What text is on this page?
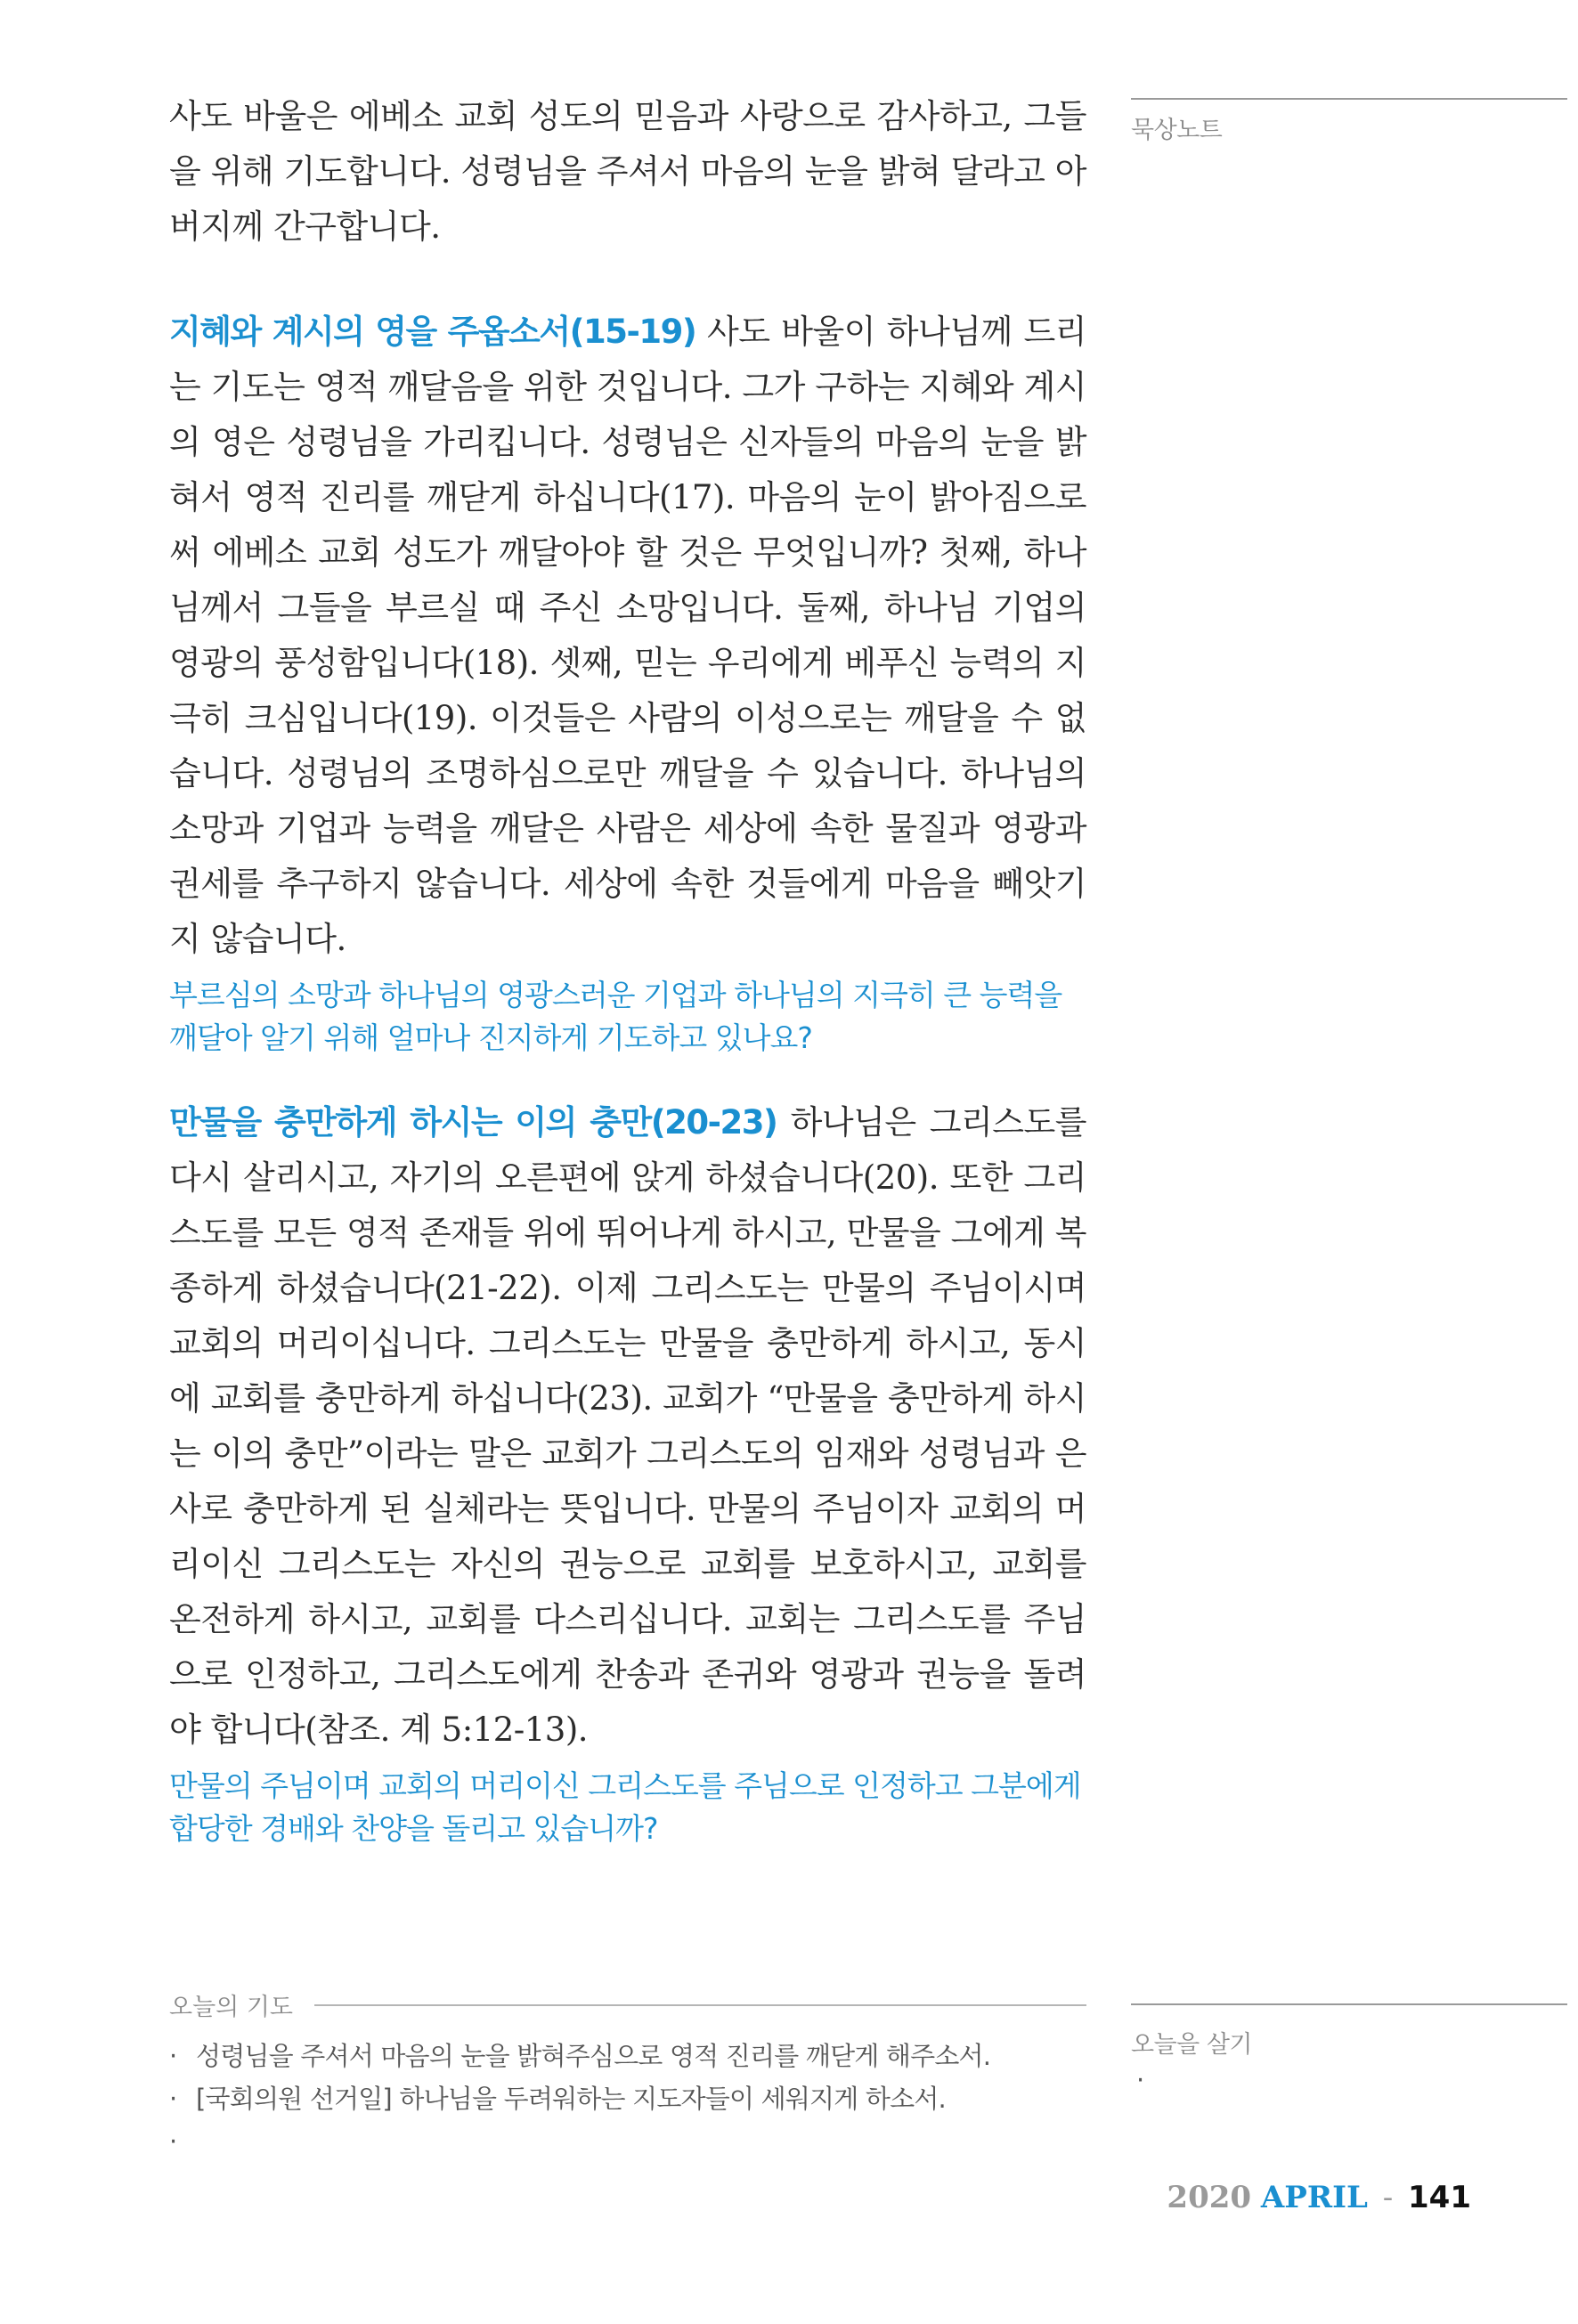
사도 바울은 에베소 교회 성도의 믿음과 사랑으로 감사하고, 그들을 위해 기도합니다. 성령님을 주셔서 마음의 눈을 밝혀 달라고 아버지께 간구합니다.

지혜와 계시의 영을 주옵소서(15-19) 사도 바울이 하나님께 드리는 기도는 영적 깨달음을 위한 것입니다. 그가 구하는 지혜와 계시의 영은 성령님을 가리킵니다. 성령님은 신자들의 마음의 눈을 밝혀서 영적 진리를 깨닫게 하십니다(17). 마음의 눈이 밝아짐으로써 에베소 교회 성도가 깨달아야 할 것은 무엇입니까? 첫째, 하나님께서 그들을 부르실 때 주신 소망입니다. 둘째, 하나님 기업의 영광의 풍성함입니다(18). 셋째, 믿는 우리에게 베푸신 능력의 지극히 크심입니다(19). 이것들은 사람의 이성으로는 깨달을 수 없습니다. 성령님의 조명하심으로만 깨달을 수 있습니다. 하나님의 소망과 기업과 능력을 깨달은 사람은 세상에 속한 물질과 영광과 권세를 추구하지 않습니다. 세상에 속한 것들에게 마음을 빼앗기지 않습니다.

부르심의 소망과 하나님의 영광스러운 기업과 하나님의 지극히 큰 능력을 깨달아 알기 위해 얼마나 진지하게 기도하고 있나요?

만물을 충만하게 하시는 이의 충만(20-23) 하나님은 그리스도를 다시 살리시고, 자기의 오른편에 앉게 하셨습니다(20). 또한 그리스도를 모든 영적 존재들 위에 뛰어나게 하시고, 만물을 그에게 복종하게 하셨습니다(21-22). 이제 그리스도는 만물의 주님이시며 교회의 머리이십니다. 그리스도는 만물을 충만하게 하시고, 동시에 교회를 충만하게 하십니다(23). 교회가 “만물을 충만하게 하시는 이의 충만”이라는 말은 교회가 그리스도의 임재와 성령님과 은사로 충만하게 된 실체라는 뜻입니다. 만물의 주님이자 교회의 머리이신 그리스도는 자신의 권능으로 교회를 보호하시고, 교회를 온전하게 하시고, 교회를 다스리십니다. 교회는 그리스도를 주님으로 인정하고, 그리스도에게 찬송과 존귀와 영광과 권능을 돌려야 합니다(참조. 계 5:12-13).

만물의 주님이며 교회의 머리이신 그리스도를 주님으로 인정하고 그분에게 합당한 경배와 찬양을 돌리고 있습니까?

묵상노트
오늘의 기도
· 성령님을 주셔서 마음의 눈을 밝혀주심으로 영적 진리를 깨닫게 해주소서.
· [국회의원 선거일] 하나님을 두려워하는 지도자들이 세워지게 하소서.
·
오늘을 살기
·
2020 APRIL - 141
